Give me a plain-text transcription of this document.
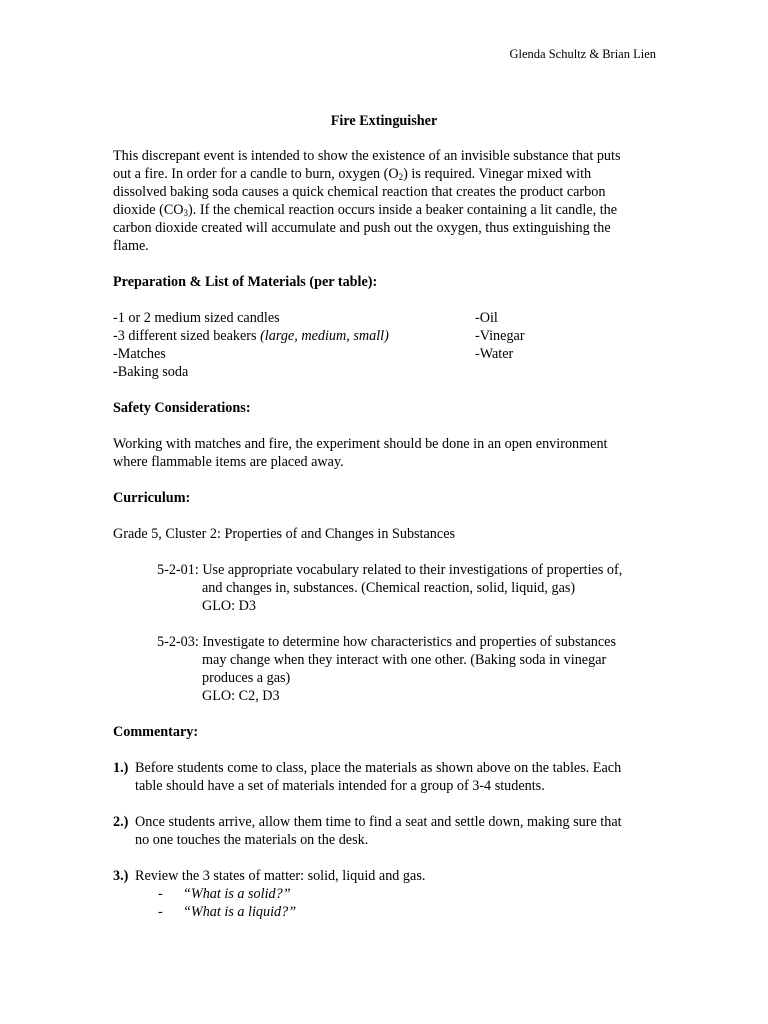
Glenda Schultz & Brian Lien
Fire Extinguisher

This discrepant event is intended to show the existence of an invisible substance that puts

out a fire. In order for a candle to burn, oxygen $(O_2)$ is required. Vinegar mixed with

dissolved baking soda causes a quick chemical reaction that creates the product carbon

dioxide $(CO_3)$. If the chemical reaction occurs inside a beaker containing a lit candle, the

carbon dioxide created will accumulate and push out the oxygen, thus extinguishing the

flame.

Preparation & List of Materials (per table):

-1 or 2 medium sized candles

-3 different sized beakers (large, medium, small)

-Matches

-Baking soda

-Oil

-Vinegar

-Water

Safety Considerations:

Working with matches and fire, the experiment should be done in an open environment

where flammable items are placed away.

Curriculum:

Grade 5, Cluster 2: Properties of and Changes in Substances

5-2-01: Use appropriate vocabulary related to their investigations of properties of,

and changes in, substances. (Chemical reaction, solid, liquid, gas)

GLO: D3

5-2-03: Investigate to determine how characteristics and properties of substances

may change when they interact with one other. (Baking soda in vinegar

produces a gas)

GLO: C2, D3

Commentary:

1.) Before students come to class, place the materials as shown above on the tables. Each

table should have a set of materials intended for a group of 3-4 students.

2.) Once students arrive, allow them time to find a seat and settle down, making sure that

no one touches the materials on the desk.

3.) Review the 3 states of matter: solid, liquid and gas.

-	“What is a solid?”
-	“What is a liquid?”
